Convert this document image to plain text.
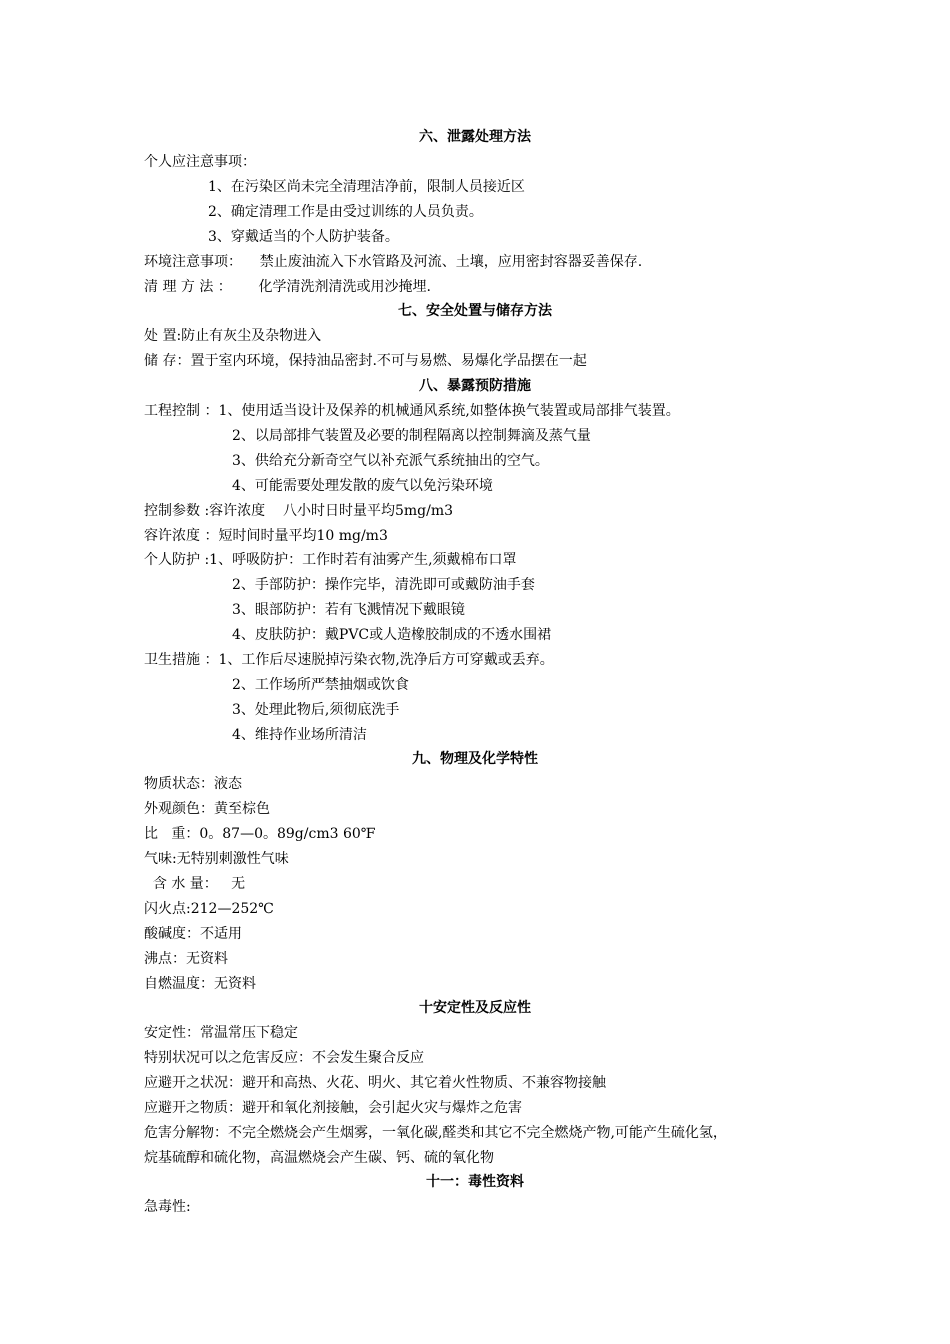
六、泄露处理方法
个人应注意事项：
1、在污染区尚未完全清理洁净前，限制人员接近区
2、确定清理工作是由受过训练的人员负责。
3、穿戴适当的个人防护装备。
环境注意事项：    禁止废油流入下水管路及河流、土壤，应用密封容器妥善保存.
清 理 方 法 ：      化学清洗剂清洗或用沙掩埋.
七、安全处置与储存方法
处 置:防止有灰尘及杂物进入
储 存：置于室内环境，保持油品密封.不可与易燃、易爆化学品摆在一起
八、暴露预防措施
工程控制 ：1、使用适当设计及保养的机械通风系统,如整体换气装置或局部排气装置。
2、以局部排气装置及必要的制程隔离以控制舞滴及蒸气量
3、供给充分新奇空气以补充派气系统抽出的空气。
4、可能需要处理发散的废气以免污染环境
控制参数 :容许浓度    八小时日时量平均5mg/m3
容许浓度 ：短时间时量平均10 mg/m3
个人防护 :1、呼吸防护：工作时若有油雾产生,须戴棉布口罩
2、手部防护：操作完毕，清洗即可或戴防油手套
3、眼部防护：若有飞溅情况下戴眼镜
4、皮肤防护：戴PVC或人造橡胶制成的不透水围裙
卫生措施 ：1、工作后尽速脱掉污染衣物,洗净后方可穿戴或丢弃。
2、工作场所严禁抽烟或饮食
3、处理此物后,须彻底洗手
4、维持作业场所清洁
九、物理及化学特性
物质状态：液态
外观颜色：黄至棕色
比   重：0。87—0。89g/cm3 60℉
气味:无特别刺激性气味
含 水 量：   无
闪火点:212—252℃
酸碱度：不适用
沸点：无资料
自燃温度：无资料
十安定性及反应性
安定性：常温常压下稳定
特别状况可以之危害反应：不会发生聚合反应
应避开之状况：避开和高热、火花、明火、其它着火性物质、不兼容物接触
应避开之物质：避开和氧化剂接触，会引起火灾与爆炸之危害
危害分解物：不完全燃烧会产生烟雾，一氧化碳,醛类和其它不完全燃烧产物,可能产生硫化氢，
烷基硫醇和硫化物，高温燃烧会产生碳、钙、硫的氧化物
十一：毒性资料
急毒性:
